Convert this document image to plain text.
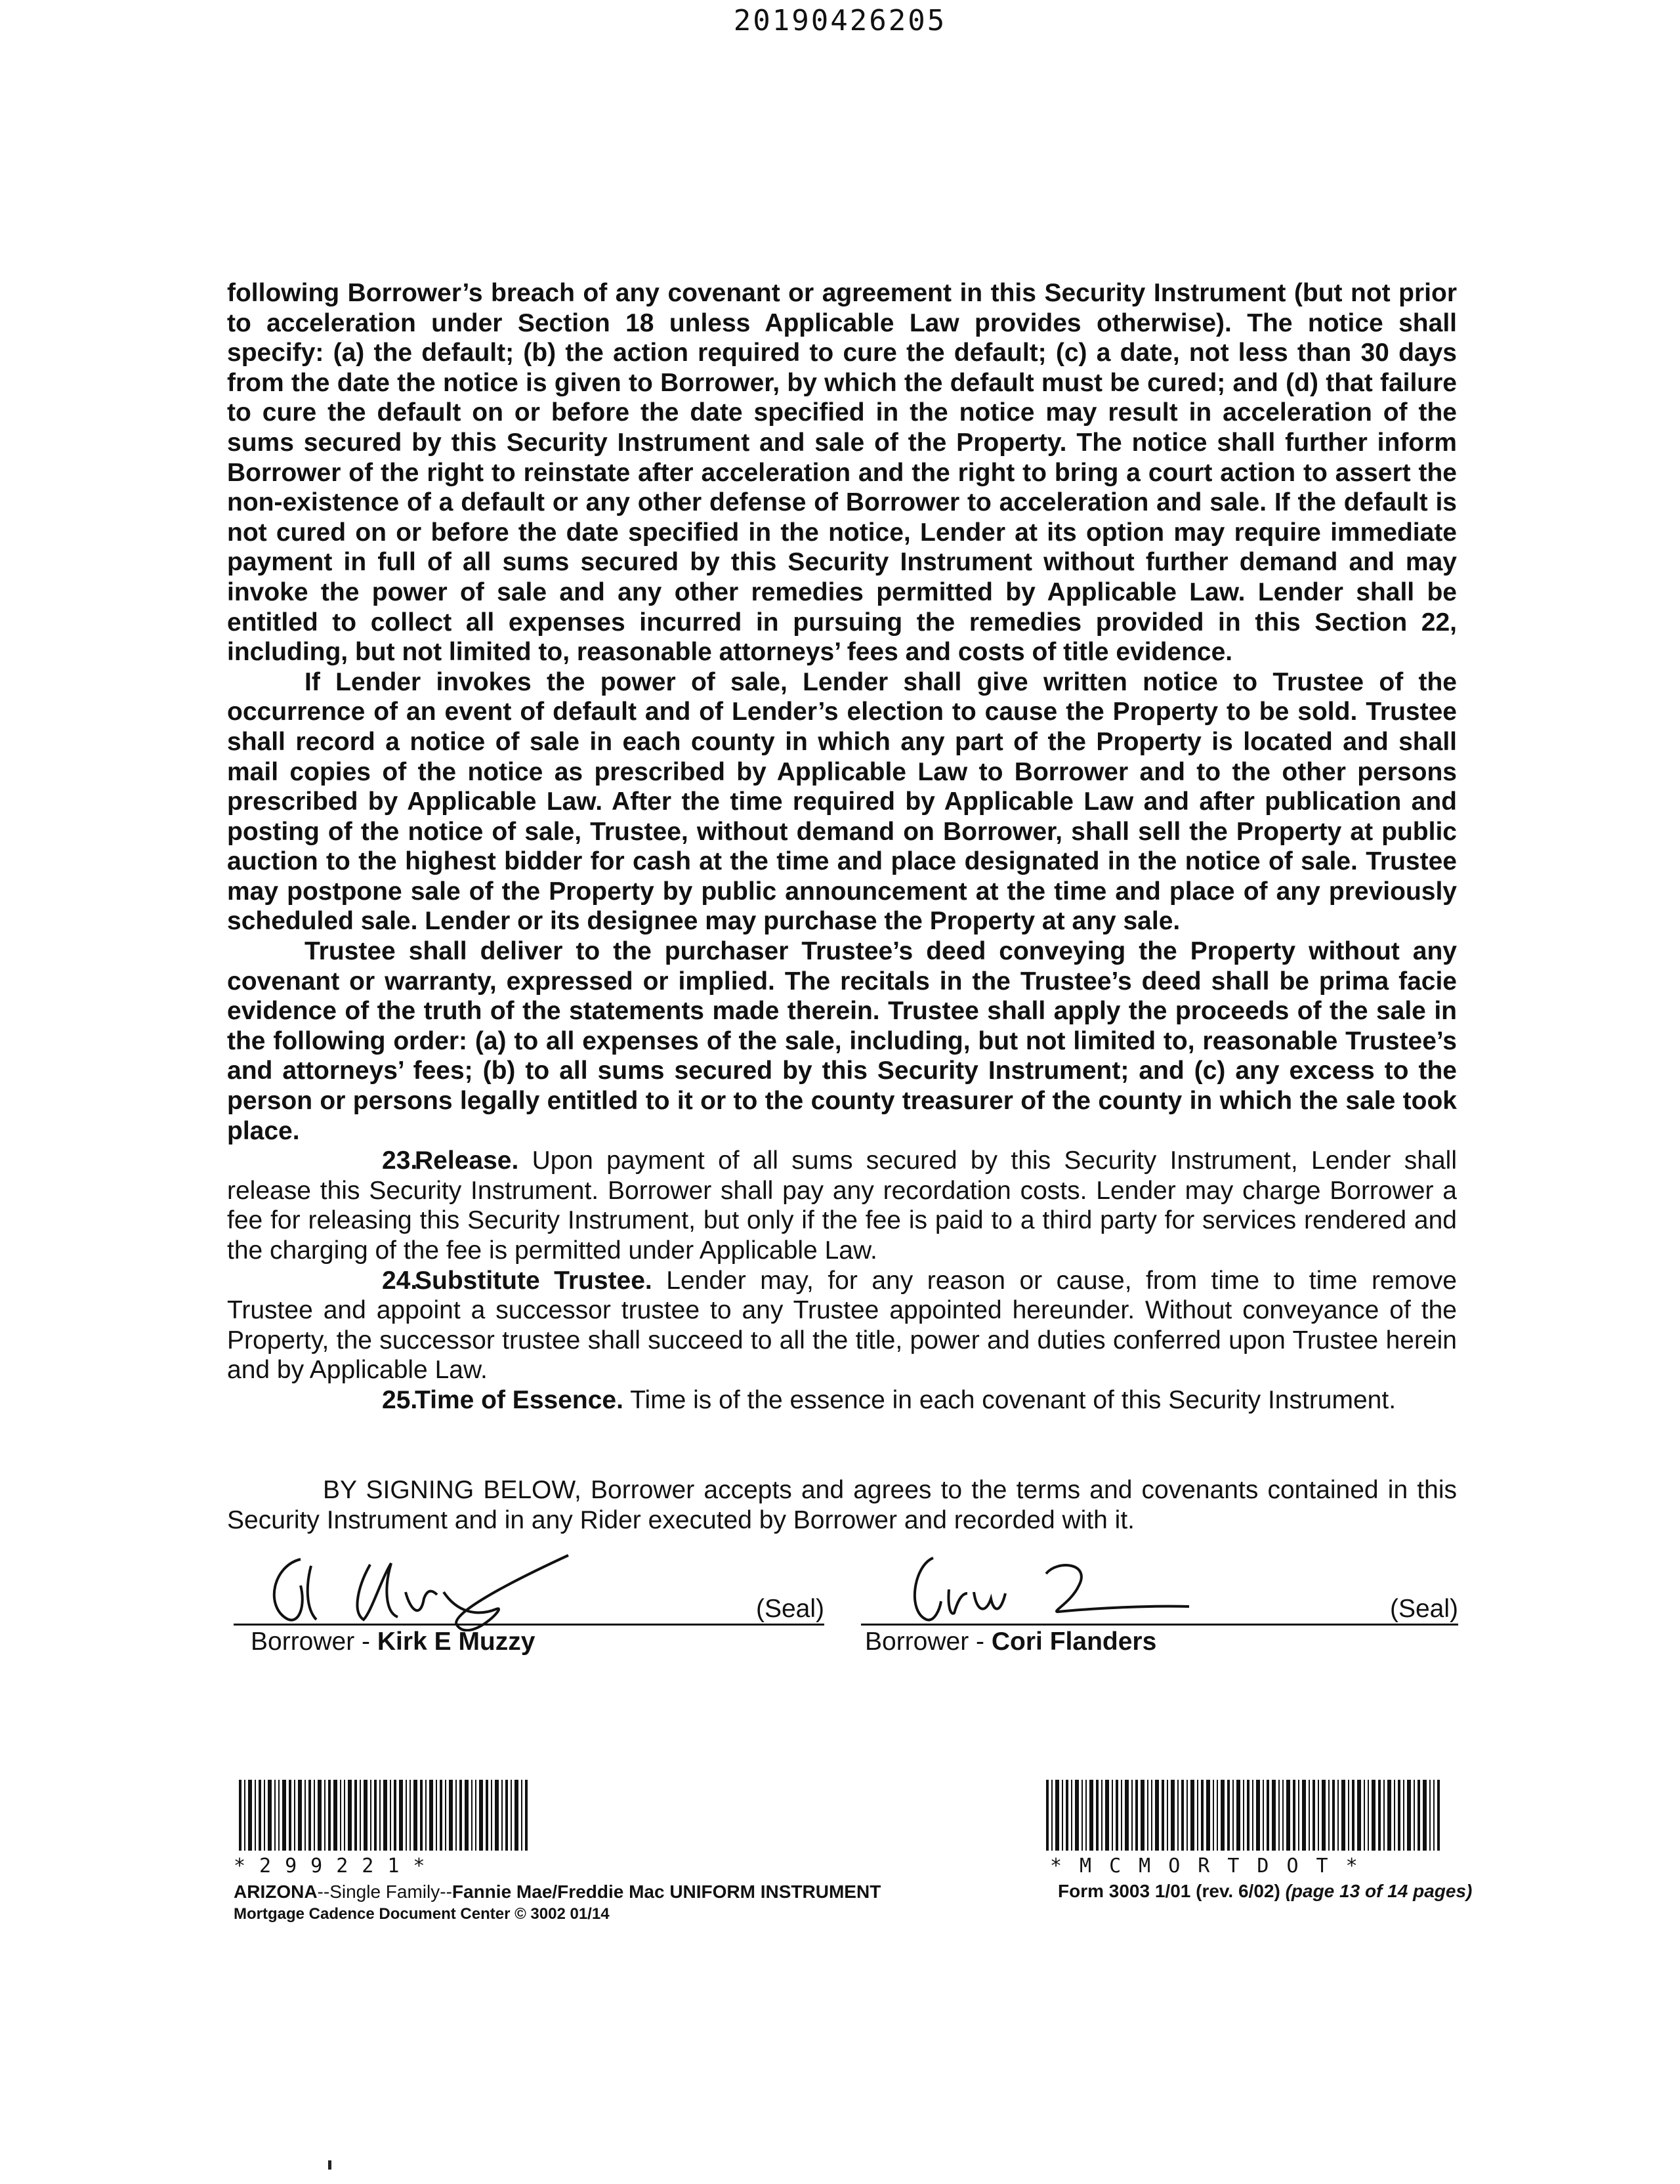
20190426205

following Borrower’s breach of any covenant or agreement in this Security Instrument (but not prior to acceleration under Section 18 unless Applicable Law provides otherwise). The notice shall specify: (a) the default; (b) the action required to cure the default; (c) a date, not less than 30 days from the date the notice is given to Borrower, by which the default must be cured; and (d) that failure to cure the default on or before the date specified in the notice may result in acceleration of the sums secured by this Security Instrument and sale of the Property. The notice shall further inform Borrower of the right to reinstate after acceleration and the right to bring a court action to assert the non-existence of a default or any other defense of Borrower to acceleration and sale. If the default is not cured on or before the date specified in the notice, Lender at its option may require immediate payment in full of all sums secured by this Security Instrument without further demand and may invoke the power of sale and any other remedies permitted by Applicable Law. Lender shall be entitled to collect all expenses incurred in pursuing the remedies provided in this Section 22, including, but not limited to, reasonable attorneys’ fees and costs of title evidence.

If Lender invokes the power of sale, Lender shall give written notice to Trustee of the occurrence of an event of default and of Lender’s election to cause the Property to be sold. Trustee shall record a notice of sale in each county in which any part of the Property is located and shall mail copies of the notice as prescribed by Applicable Law to Borrower and to the other persons prescribed by Applicable Law. After the time required by Applicable Law and after publication and posting of the notice of sale, Trustee, without demand on Borrower, shall sell the Property at public auction to the highest bidder for cash at the time and place designated in the notice of sale. Trustee may postpone sale of the Property by public announcement at the time and place of any previously scheduled sale. Lender or its designee may purchase the Property at any sale.

Trustee shall deliver to the purchaser Trustee’s deed conveying the Property without any covenant or warranty, expressed or implied. The recitals in the Trustee’s deed shall be prima facie evidence of the truth of the statements made therein. Trustee shall apply the proceeds of the sale in the following order: (a) to all expenses of the sale, including, but not limited to, reasonable Trustee’s and attorneys’ fees; (b) to all sums secured by this Security Instrument; and (c) any excess to the person or persons legally entitled to it or to the county treasurer of the county in which the sale took place.

23.Release. Upon payment of all sums secured by this Security Instrument, Lender shall release this Security Instrument. Borrower shall pay any recordation costs. Lender may charge Borrower a fee for releasing this Security Instrument, but only if the fee is paid to a third party for services rendered and the charging of the fee is permitted under Applicable Law.

24.Substitute Trustee. Lender may, for any reason or cause, from time to time remove Trustee and appoint a successor trustee to any Trustee appointed hereunder. Without conveyance of the Property, the successor trustee shall succeed to all the title, power and duties conferred upon Trustee herein and by Applicable Law.

25.Time of Essence. Time is of the essence in each covenant of this Security Instrument.

BY SIGNING BELOW, Borrower accepts and agrees to the terms and covenants contained in this Security Instrument and in any Rider executed by Borrower and recorded with it.

(Seal)
Borrower - Kirk E Muzzy
(Seal)
Borrower - Cori Flanders
*299221*	*MCMORTDOT*
ARIZONA--Single Family--Fannie Mae/Freddie Mac UNIFORM INSTRUMENT
Mortgage Cadence Document Center © 3002 01/14
Form 3003 1/01 (rev. 6/02) (page 13 of 14 pages)
